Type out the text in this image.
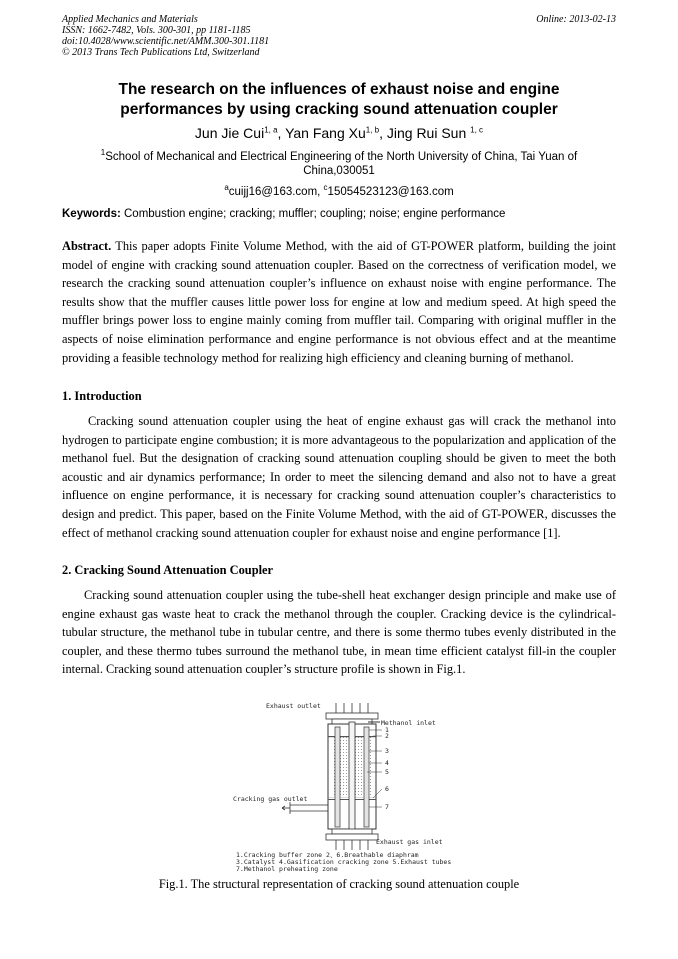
Applied Mechanics and Materials
ISSN: 1662-7482, Vols. 300-301, pp 1181-1185
doi:10.4028/www.scientific.net/AMM.300-301.1181
© 2013 Trans Tech Publications Ltd, Switzerland
Online: 2013-02-13
The research on the influences of exhaust noise and engine
performances by using cracking sound attenuation coupler
Jun Jie Cui$^{1, a}$, Yan Fang Xu$^{1, b}$, Jing Rui Sun $^{1, c}$
$^1$School of Mechanical and Electrical Engineering of the North University of China, Tai Yuan of China,030051
$^a$cuijj16@163.com, $^c$15054523123@163.com
Keywords: Combustion engine; cracking; muffler; coupling; noise; engine performance
Abstract. This paper adopts Finite Volume Method, with the aid of GT-POWER platform, building the joint model of engine with cracking sound attenuation coupler. Based on the correctness of verification model, we research the cracking sound attenuation coupler’s influence on exhaust noise with engine performance. The results show that the muffler causes little power loss for engine at low and medium speed. At high speed the muffler brings power loss to engine mainly coming from muffler tail. Comparing with original muffler in the aspects of noise elimination performance and engine performance is not obvious effect and at the meantime providing a feasible technology method for realizing high efficiency and cleaning burning of methanol.
1. Introduction
Cracking sound attenuation coupler using the heat of engine exhaust gas will crack the methanol into hydrogen to participate engine combustion; it is more advantageous to the popularization and application of the methanol fuel. But the designation of cracking sound attenuation coupling should be given to meet the both acoustic and air dynamics performance; In order to meet the silencing demand and also not to have a great influence on engine performance, it is necessary for cracking sound attenuation coupler’s characteristics to design and predict. This paper, based on the Finite Volume Method, with the aid of GT-POWER, discusses the effect of methanol cracking sound attenuation coupler for exhaust noise and engine performance [1].
2. Cracking Sound Attenuation Coupler
Cracking sound attenuation coupler using the tube-shell heat exchanger design principle and make use of engine exhaust gas waste heat to crack the methanol through the coupler. Cracking device is the cylindrical-tubular structure, the methanol tube in tubular centre, and there is some thermo tubes evenly distributed in the coupler, and these thermo tubes surround the methanol tube, in mean time efficient catalyst fill-in the coupler internal. Cracking sound attenuation coupler’s structure profile is shown in Fig.1.
Exhaust outlet
Methanol inlet
Cracking gas outlet
Exhaust gas inlet
1
2
3
4
5
6
7
1.Cracking buffer zone 2、6.Breathable diaphram
3.Catalyst 4.Gasification cracking zone 5.Exhaust tubes
7.Methanol preheating zone
Fig.1. The structural representation of cracking sound attenuation couple
